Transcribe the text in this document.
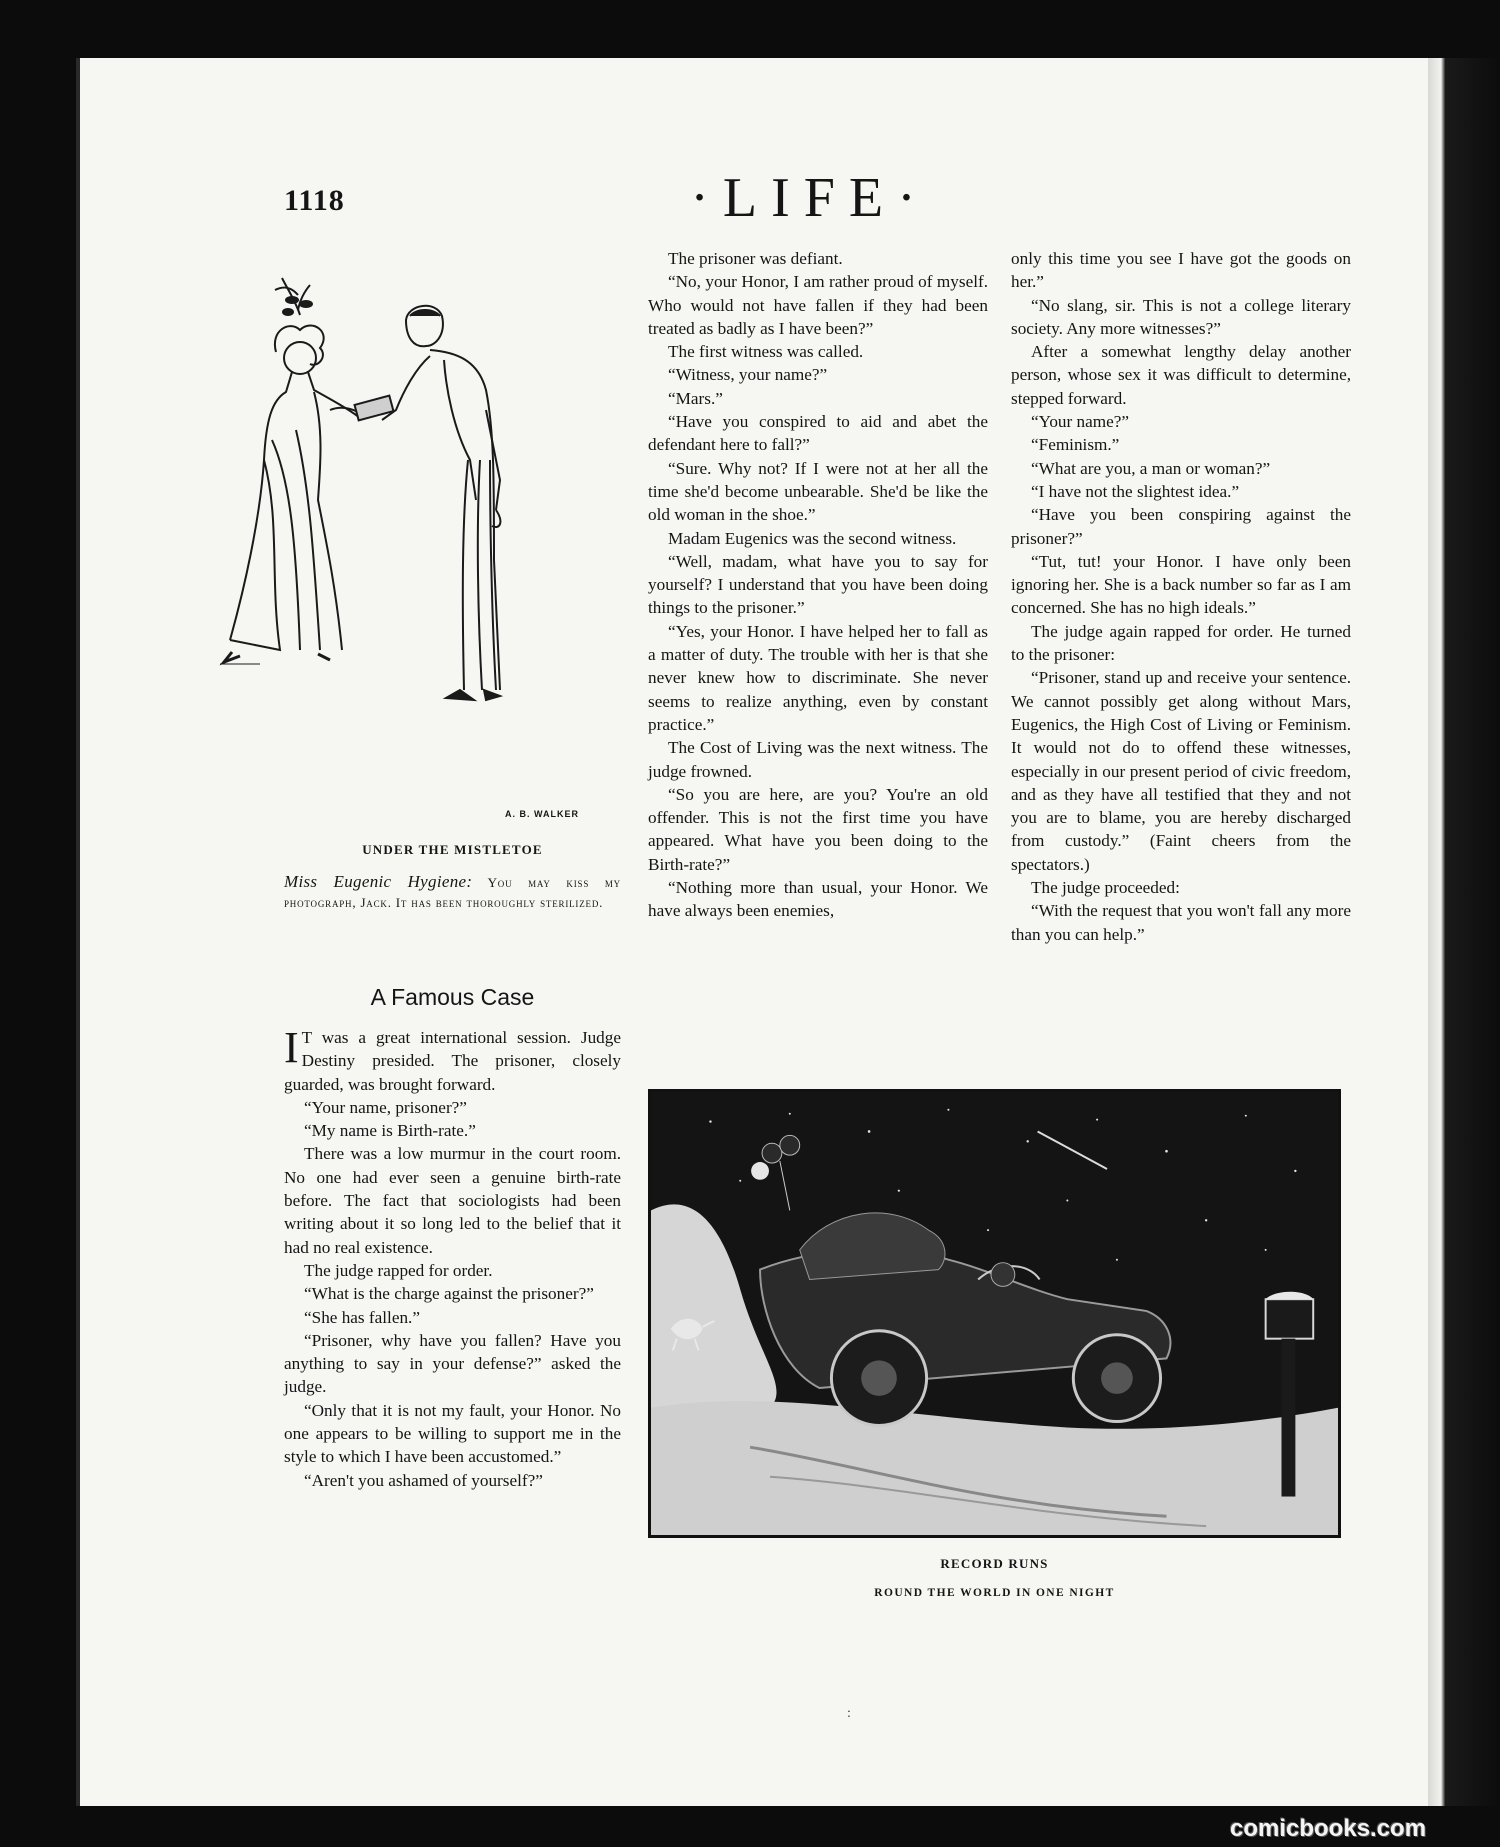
1118	·LIFE·
A. B. WALKER
UNDER THE MISTLETOE
Miss Eugenic Hygiene: You may kiss my photograph, Jack. It has been thoroughly sterilized.
A Famous Case

I T was a great international session. Judge Destiny presided. The prisoner, closely guarded, was brought forward.

“Your name, prisoner?”

“My name is Birth-rate.”

There was a low murmur in the court room. No one had ever seen a genuine birth-rate before. The fact that sociologists had been writing about it so long led to the belief that it had no real existence.

The judge rapped for order.

“What is the charge against the prisoner?”

“She has fallen.”

“Prisoner, why have you fallen? Have you anything to say in your defense?” asked the judge.

“Only that it is not my fault, your Honor. No one appears to be willing to support me in the style to which I have been accustomed.”

“Aren't you ashamed of yourself?”

The prisoner was defiant.

“No, your Honor, I am rather proud of myself. Who would not have fallen if they had been treated as badly as I have been?”

The first witness was called.

“Witness, your name?”

“Mars.”

“Have you conspired to aid and abet the defendant here to fall?”

“Sure. Why not? If I were not at her all the time she'd become unbearable. She'd be like the old woman in the shoe.”

Madam Eugenics was the second witness.

“Well, madam, what have you to say for yourself? I understand that you have been doing things to the prisoner.”

“Yes, your Honor. I have helped her to fall as a matter of duty. The trouble with her is that she never knew how to discriminate. She never seems to realize anything, even by constant practice.”

The Cost of Living was the next witness. The judge frowned.

“So you are here, are you? You're an old offender. This is not the first time you have appeared. What have you been doing to the Birth-rate?”

“Nothing more than usual, your Honor. We have always been enemies,

only this time you see I have got the goods on her.”

“No slang, sir. This is not a college literary society. Any more witnesses?”

After a somewhat lengthy delay another person, whose sex it was difficult to determine, stepped forward.

“Your name?”

“Feminism.”

“What are you, a man or woman?”

“I have not the slightest idea.”

“Have you been conspiring against the prisoner?”

“Tut, tut! your Honor. I have only been ignoring her. She is a back number so far as I am concerned. She has no high ideals.”

The judge again rapped for order. He turned to the prisoner:

“Prisoner, stand up and receive your sentence. We cannot possibly get along without Mars, Eugenics, the High Cost of Living or Feminism. It would not do to offend these witnesses, especially in our present period of civic freedom, and as they have all testified that they and not you are to blame, you are hereby discharged from custody.” (Faint cheers from the spectators.)

The judge proceeded:

“With the request that you won't fall any more than you can help.”

RECORD RUNS
ROUND THE WORLD IN ONE NIGHT
:
comicbooks.com
